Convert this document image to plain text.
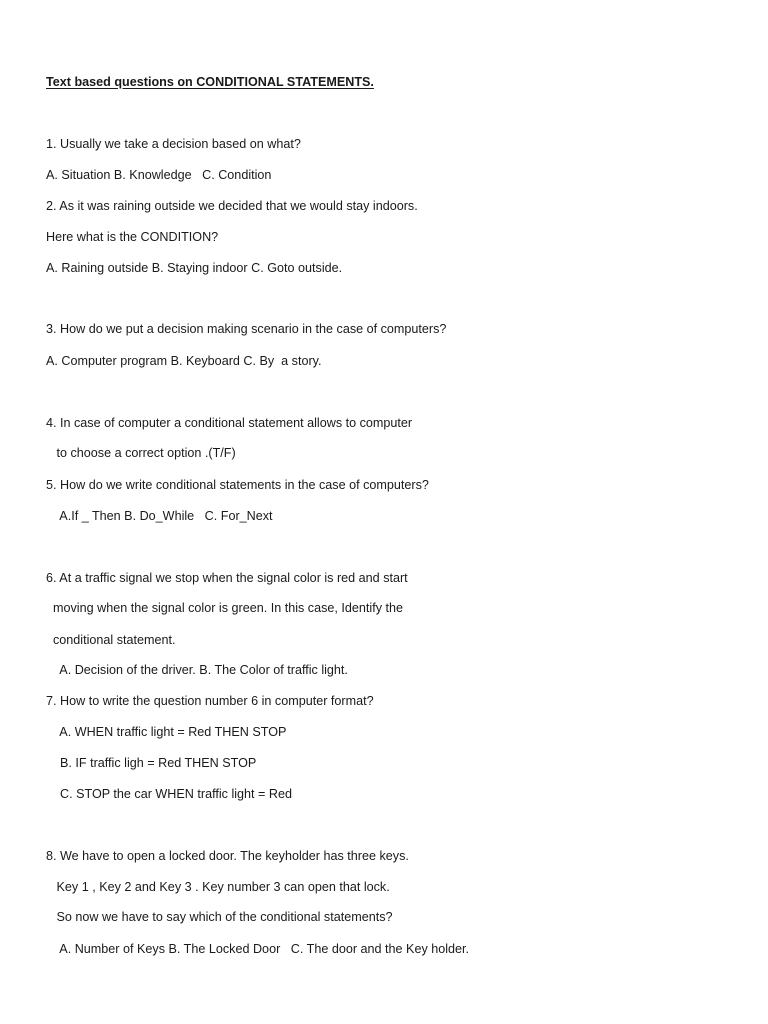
Text based questions on CONDITIONAL STATEMENTS.
1. Usually we take a decision based on what?
A. Situation B. Knowledge   C. Condition
2. As it was raining outside we decided that we would stay indoors.
Here what is the CONDITION?
A. Raining outside B. Staying indoor C. Goto outside.
3. How do we put a decision making scenario in the case of computers?
A. Computer program B. Keyboard C. By  a story.
4. In case of computer a conditional statement allows to computer
to choose a correct option .(T/F)
5. How do we write conditional statements in the case of computers?
A.If _ Then B. Do_While   C. For_Next
6. At a traffic signal we stop when the signal color is red and start
moving when the signal color is green. In this case, Identify the
conditional statement.
A. Decision of the driver. B. The Color of traffic light.
7. How to write the question number 6 in computer format?
A. WHEN traffic light = Red THEN STOP
B. IF traffic ligh = Red THEN STOP
C. STOP the car WHEN traffic light = Red
8. We have to open a locked door. The keyholder has three keys.
Key 1 , Key 2 and Key 3 . Key number 3 can open that lock.
So now we have to say which of the conditional statements?
A. Number of Keys B. The Locked Door   C. The door and the Key holder.
